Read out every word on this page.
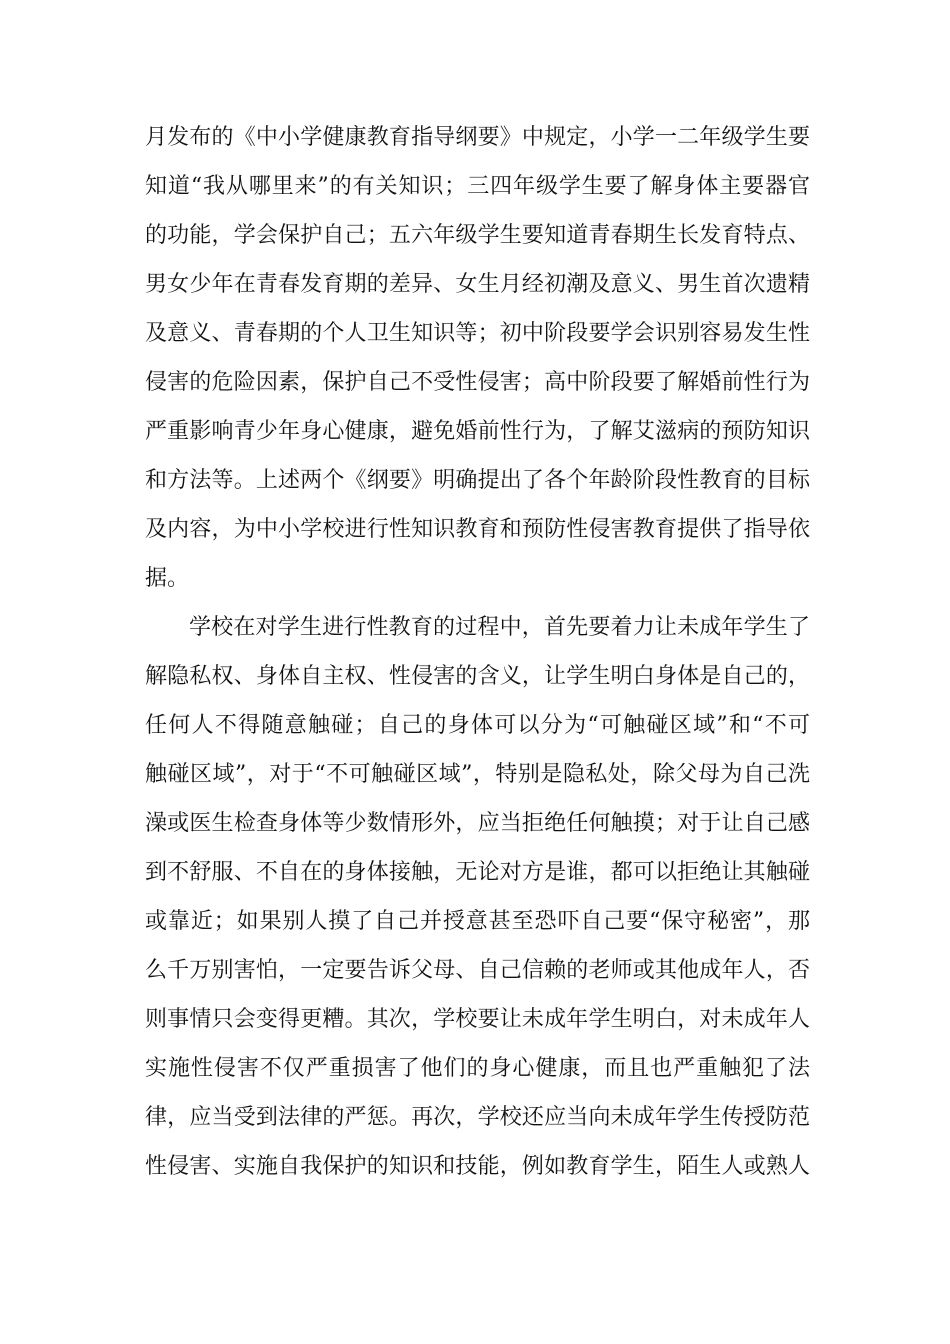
月发布的《中小学健康教育指导纲要》中规定，小学一二年级学生要
知道“我从哪里来”的有关知识；三四年级学生要了解身体主要器官
的功能，学会保护自己；五六年级学生要知道青春期生长发育特点、
男女少年在青春发育期的差异、女生月经初潮及意义、男生首次遗精
及意义、青春期的个人卫生知识等；初中阶段要学会识别容易发生性
侵害的危险因素，保护自己不受性侵害；高中阶段要了解婚前性行为
严重影响青少年身心健康，避免婚前性行为，了解艾滋病的预防知识
和方法等。上述两个《纲要》明确提出了各个年龄阶段性教育的目标
及内容，为中小学校进行性知识教育和预防性侵害教育提供了指导依
据。
学校在对学生进行性教育的过程中，首先要着力让未成年学生了
解隐私权、身体自主权、性侵害的含义，让学生明白身体是自己的，
任何人不得随意触碰；自己的身体可以分为“可触碰区域”和“不可
触碰区域”，对于“不可触碰区域”，特别是隐私处，除父母为自己洗
澡或医生检查身体等少数情形外，应当拒绝任何触摸；对于让自己感
到不舒服、不自在的身体接触，无论对方是谁，都可以拒绝让其触碰
或靠近；如果别人摸了自己并授意甚至恐吓自己要“保守秘密”，那
么千万别害怕，一定要告诉父母、自己信赖的老师或其他成年人，否
则事情只会变得更糟。其次，学校要让未成年学生明白，对未成年人
实施性侵害不仅严重损害了他们的身心健康，而且也严重触犯了法
律，应当受到法律的严惩。再次，学校还应当向未成年学生传授防范
性侵害、实施自我保护的知识和技能，例如教育学生，陌生人或熟人
